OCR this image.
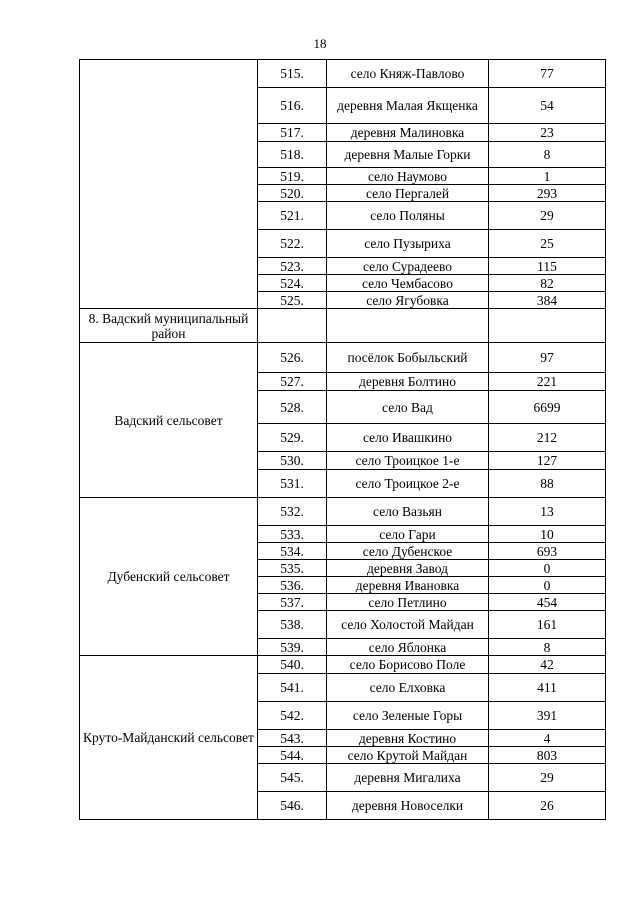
18
	515.	село Княж-Павлово	77
	516.	деревня Малая Якщенка	54
	517.	деревня Малиновка	23
	518.	деревня Малые Горки	8
	519.	село Наумово	1
	520.	село Пергалей	293
	521.	село Поляны	29
	522.	село Пузыриха	25
	523.	село Сурадеево	115
	524.	село Чембасово	82
	525.	село Ягубовка	384
8. Вадский муниципальный район			
Вадский сельсовет	526.	посёлок Бобыльский	97
	527.	деревня Болтино	221
	528.	село Вад	6699
	529.	село Ивашкино	212
	530.	село Троицкое 1-е	127
	531.	село Троицкое 2-е	88
Дубенский сельсовет	532.	село Вазьян	13
	533.	село Гари	10
	534.	село Дубенское	693
	535.	деревня Завод	0
	536.	деревня Ивановка	0
	537.	село Петлино	454
	538.	село Холостой Майдан	161
	539.	село Яблонка	8
Круто-Майданский сельсовет	540.	село Борисово Поле	42
	541.	село Елховка	411
	542.	село Зеленые Горы	391
	543.	деревня Костино	4
	544.	село Крутой Майдан	803
	545.	деревня Мигалиха	29
	546.	деревня Новоселки	26
